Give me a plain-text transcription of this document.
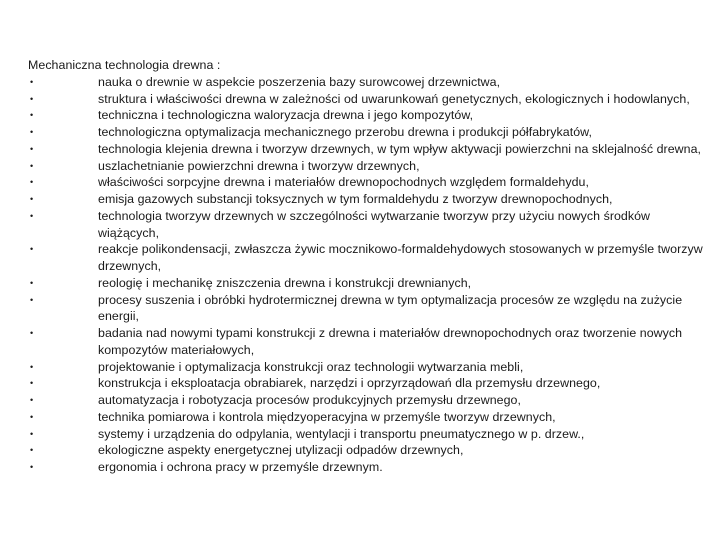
Mechaniczna technologia drewna :
•	nauka o drewnie w aspekcie poszerzenia bazy surowcowej drzewnictwa,
•	struktura i właściwości drewna w zależności od uwarunkowań genetycznych, ekologicznych i hodowlanych,
•	techniczna i technologiczna waloryzacja drewna i jego kompozytów,
•	technologiczna optymalizacja mechanicznego przerobu drewna i produkcji półfabrykatów,
•	technologia klejenia drewna i tworzyw drzewnych, w tym wpływ aktywacji powierzchni na sklejalność drewna,
•	uszlachetnianie powierzchni drewna i tworzyw drzewnych,
•	właściwości sorpcyjne drewna i materiałów drewnopochodnych względem formaldehydu,
•	emisja gazowych substancji toksycznych w tym formaldehydu z tworzyw drewnopochodnych,
•	technologia tworzyw drzewnych w szczególności wytwarzanie tworzyw przy użyciu nowych środków wiążących,
•	reakcje polikondensacji, zwłaszcza żywic mocznikowo-formaldehydowych stosowanych w przemyśle tworzyw drzewnych,
•	reologię i mechanikę zniszczenia drewna i konstrukcji drewnianych,
•	procesy suszenia i obróbki hydrotermicznej drewna w tym optymalizacja procesów ze względu na zużycie energii,
•	badania nad nowymi typami konstrukcji z drewna i materiałów drewnopochodnych oraz tworzenie nowych kompozytów materiałowych,
•	projektowanie i optymalizacja konstrukcji oraz technologii wytwarzania mebli,
•	konstrukcja i eksploatacja obrabiarek, narzędzi i oprzyrządowań dla przemysłu drzewnego,
•	automatyzacja i robotyzacja procesów produkcyjnych przemysłu drzewnego,
•	technika pomiarowa i kontrola międzyoperacyjna w przemyśle tworzyw drzewnych,
•	systemy i urządzenia do odpylania, wentylacji i transportu pneumatycznego w p. drzew.,
•	ekologiczne aspekty energetycznej utylizacji odpadów drzewnych,
•	ergonomia i ochrona pracy w przemyśle drzewnym.
